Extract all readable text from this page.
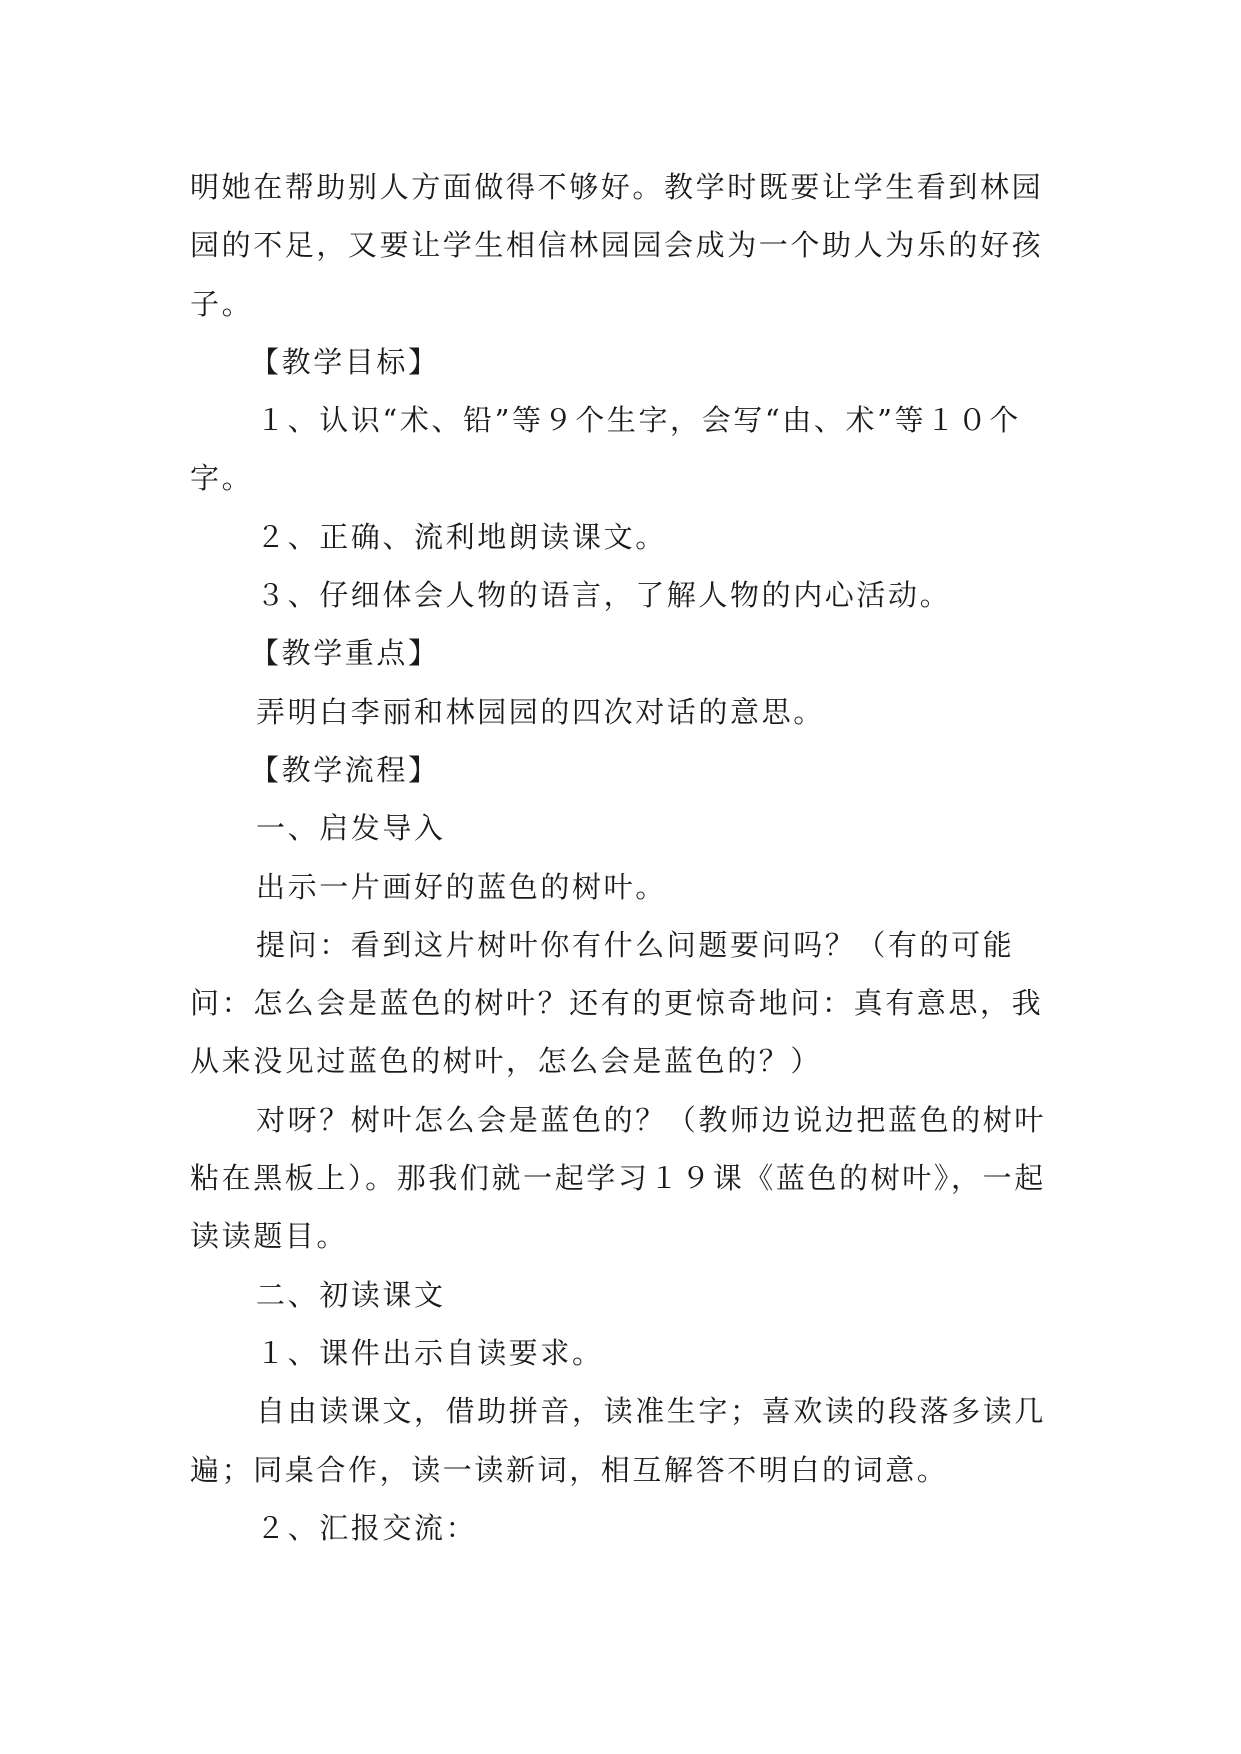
明她在帮助别人方面做得不够好。教学时既要让学生看到林园园的不足，又要让学生相信林园园会成为一个助人为乐的好孩子。

【教学目标】

１、认识“术、铅”等９个生字，会写“由、术”等１０个字。

２、正确、流利地朗读课文。

３、仔细体会人物的语言，了解人物的内心活动。

【教学重点】

弄明白李丽和林园园的四次对话的意思。

【教学流程】

一、启发导入

出示一片画好的蓝色的树叶。

提问：看到这片树叶你有什么问题要问吗？（有的可能问：怎么会是蓝色的树叶？还有的更惊奇地问：真有意思，我从来没见过蓝色的树叶，怎么会是蓝色的？）

对呀？树叶怎么会是蓝色的？（教师边说边把蓝色的树叶粘在黑板上）。那我们就一起学习１９课《蓝色的树叶》，一起读读题目。

二、初读课文

１、课件出示自读要求。

自由读课文，借助拼音，读准生字；喜欢读的段落多读几遍；同桌合作，读一读新词，相互解答不明白的词意。

２、汇报交流：
